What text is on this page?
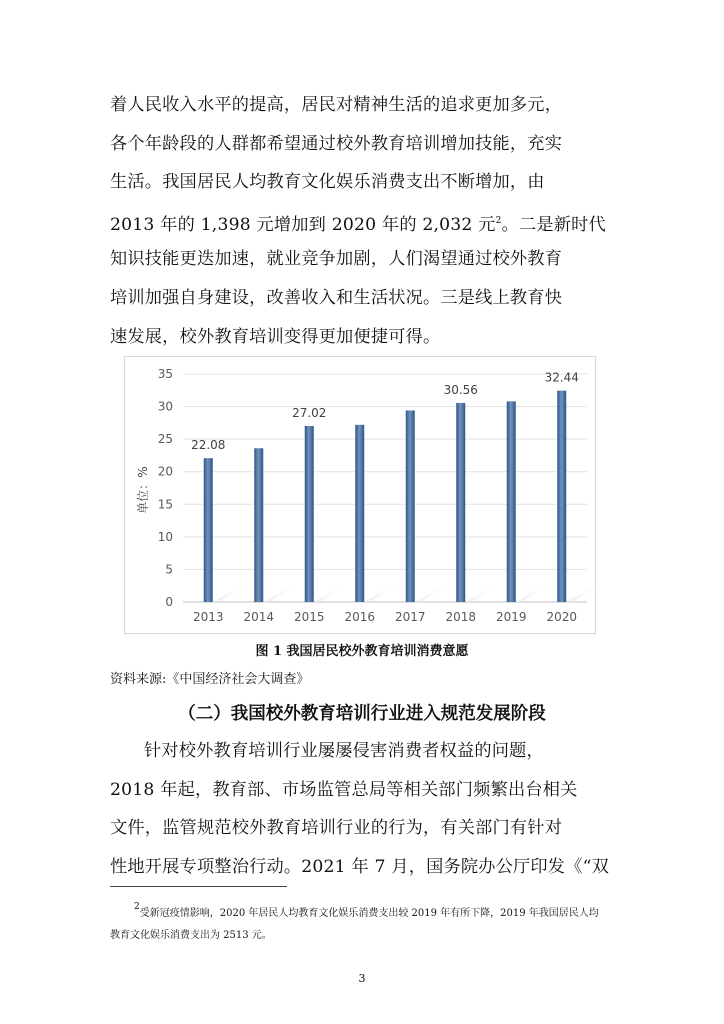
着人民收入水平的提高，居民对精神生活的追求更加多元，
各个年龄段的人群都希望通过校外教育培训增加技能，充实
生活。我国居民人均教育文化娱乐消费支出不断增加，由
2013 年的 1,398 元增加到 2020 年的 2,032 元$^2$。二是新时代
知识技能更迭加速，就业竞争加剧，人们渴望通过校外教育
培训加强自身建设，改善收入和生活状况。三是线上教育快
速发展，校外教育培训变得更加便捷可得。
0
5
10
15
20
25
30
35
2013
22.08
2014 2015
27.02
2016 2017 2018
30.56
2019 2020
32.44
单位：%
图 1 我国居民校外教育培训消费意愿
资料来源:《中国经济社会大调查》
（二）我国校外教育培训行业进入规范发展阶段
针对校外教育培训行业屡屡侵害消费者权益的问题，
2018 年起，教育部、市场监管总局等相关部门频繁出台相关
文件，监管规范校外教育培训行业的行为，有关部门有针对
性地开展专项整治行动。2021 年 7 月，国务院办公厅印发《“双
$^2$受新冠疫情影响，2020 年居民人均教育文化娱乐消费支出较 2019 年有所下降，2019 年我国居民人均
教育文化娱乐消费支出为 2513 元。
3
